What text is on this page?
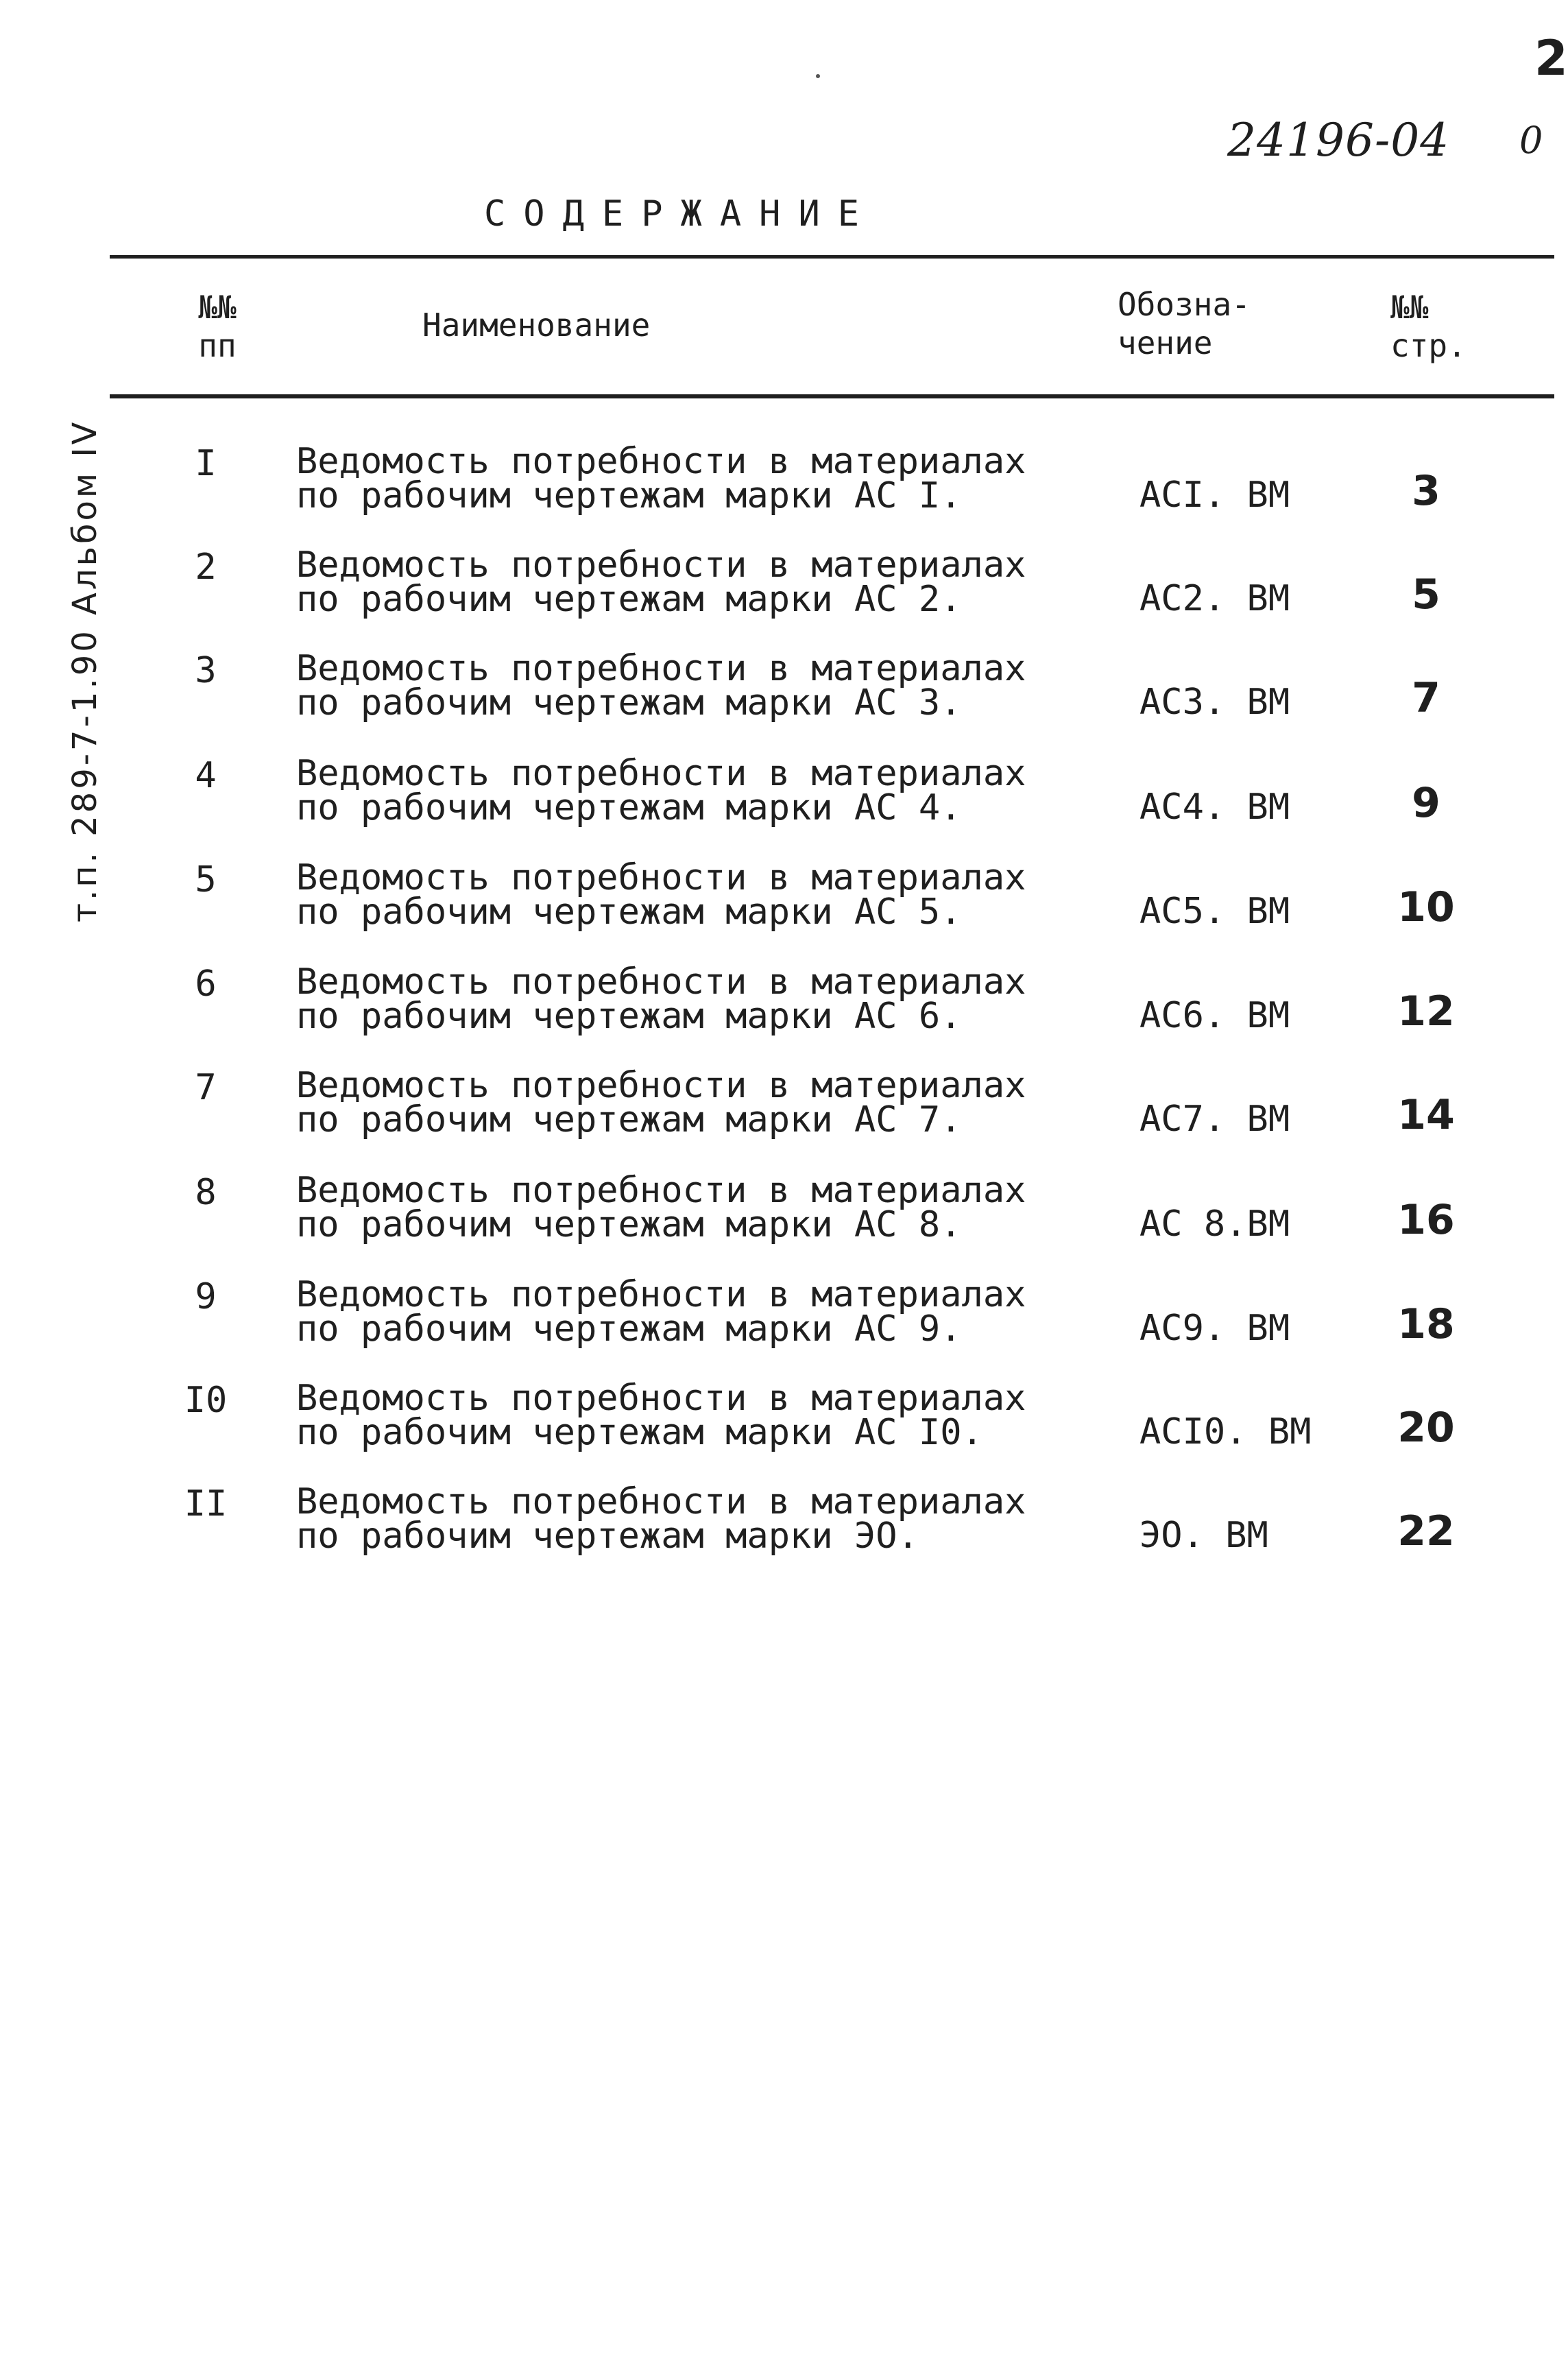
2
24196-04 0
т.п. 289-7-1.90 Альбом IV
СОДЕРЖАНИЕ
№№
пп
Наименование
Обозна-
чение
№№
стр.
I	Ведомость потребности в материалах
по рабочим чертежам марки АС I.	АСI. ВМ	3
2	Ведомость потребности в материалах
по рабочим чертежам марки АС 2.	АС2. ВМ	5
3	Ведомость потребности в материалах
по рабочим чертежам марки АС 3.	АС3. ВМ	7
4	Ведомость потребности в материалах
по рабочим чертежам марки АС 4.	АС4. ВМ	9
5	Ведомость потребности в материалах
по рабочим чертежам марки АС 5.	АС5. ВМ	10
6	Ведомость потребности в материалах
по рабочим чертежам марки АС 6.	АС6. ВМ	12
7	Ведомость потребности в материалах
по рабочим чертежам марки АС 7.	АС7. ВМ	14
8	Ведомость потребности в материалах
по рабочим чертежам марки АС 8.	АС 8.ВМ	16
9	Ведомость потребности в материалах
по рабочим чертежам марки АС 9.	АС9. ВМ	18
I0	Ведомость потребности в материалах
по рабочим чертежам марки АС I0.	АСI0. ВМ	20
II	Ведомость потребности в материалах
по рабочим чертежам марки ЭО.	ЭО. ВМ	22
